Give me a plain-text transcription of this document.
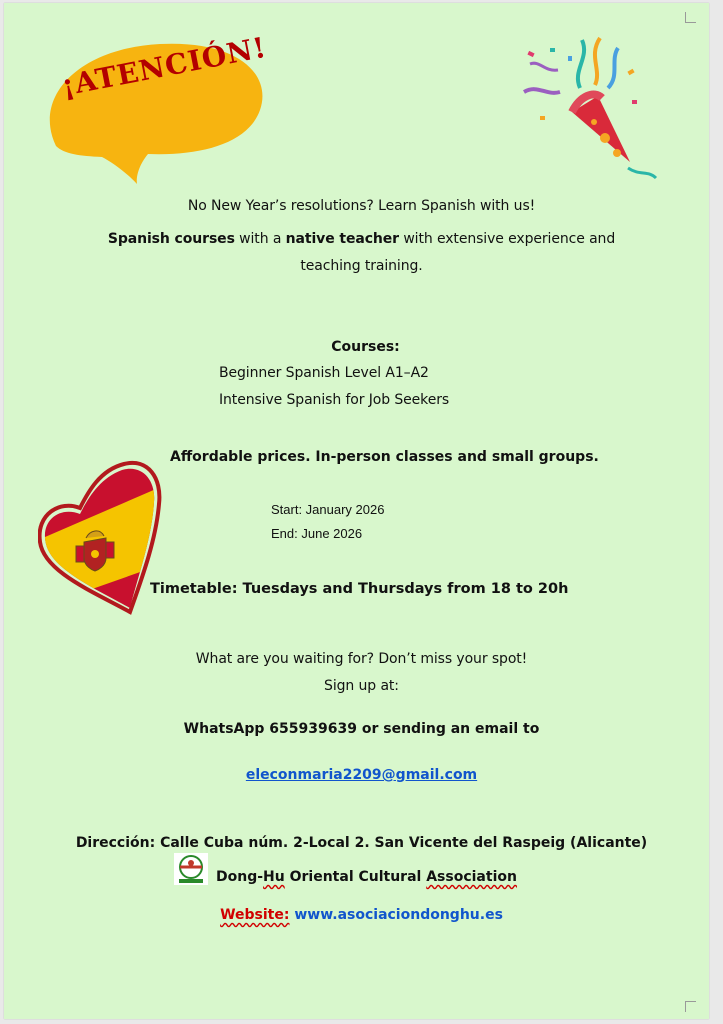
¡ATENCIÓN!
No New Year’s resolutions? Learn Spanish with us!
Spanish courses with a native teacher with extensive experience and
teaching training.
Courses:
Beginner Spanish Level A1–A2
Intensive Spanish for Job Seekers
Affordable prices. In-person classes and small groups.
Start: January 2026
End: June 2026
Timetable: Tuesdays and Thursdays from 18 to 20h
What are you waiting for? Don’t miss your spot!
Sign up at:
WhatsApp 655939639 or sending an email to
eleconmaria2209@gmail.com
Dirección: Calle Cuba núm. 2-Local 2. San Vicente del Raspeig (Alicante)
Dong-Hu Oriental Cultural Association
Website: www.asociaciondonghu.es
